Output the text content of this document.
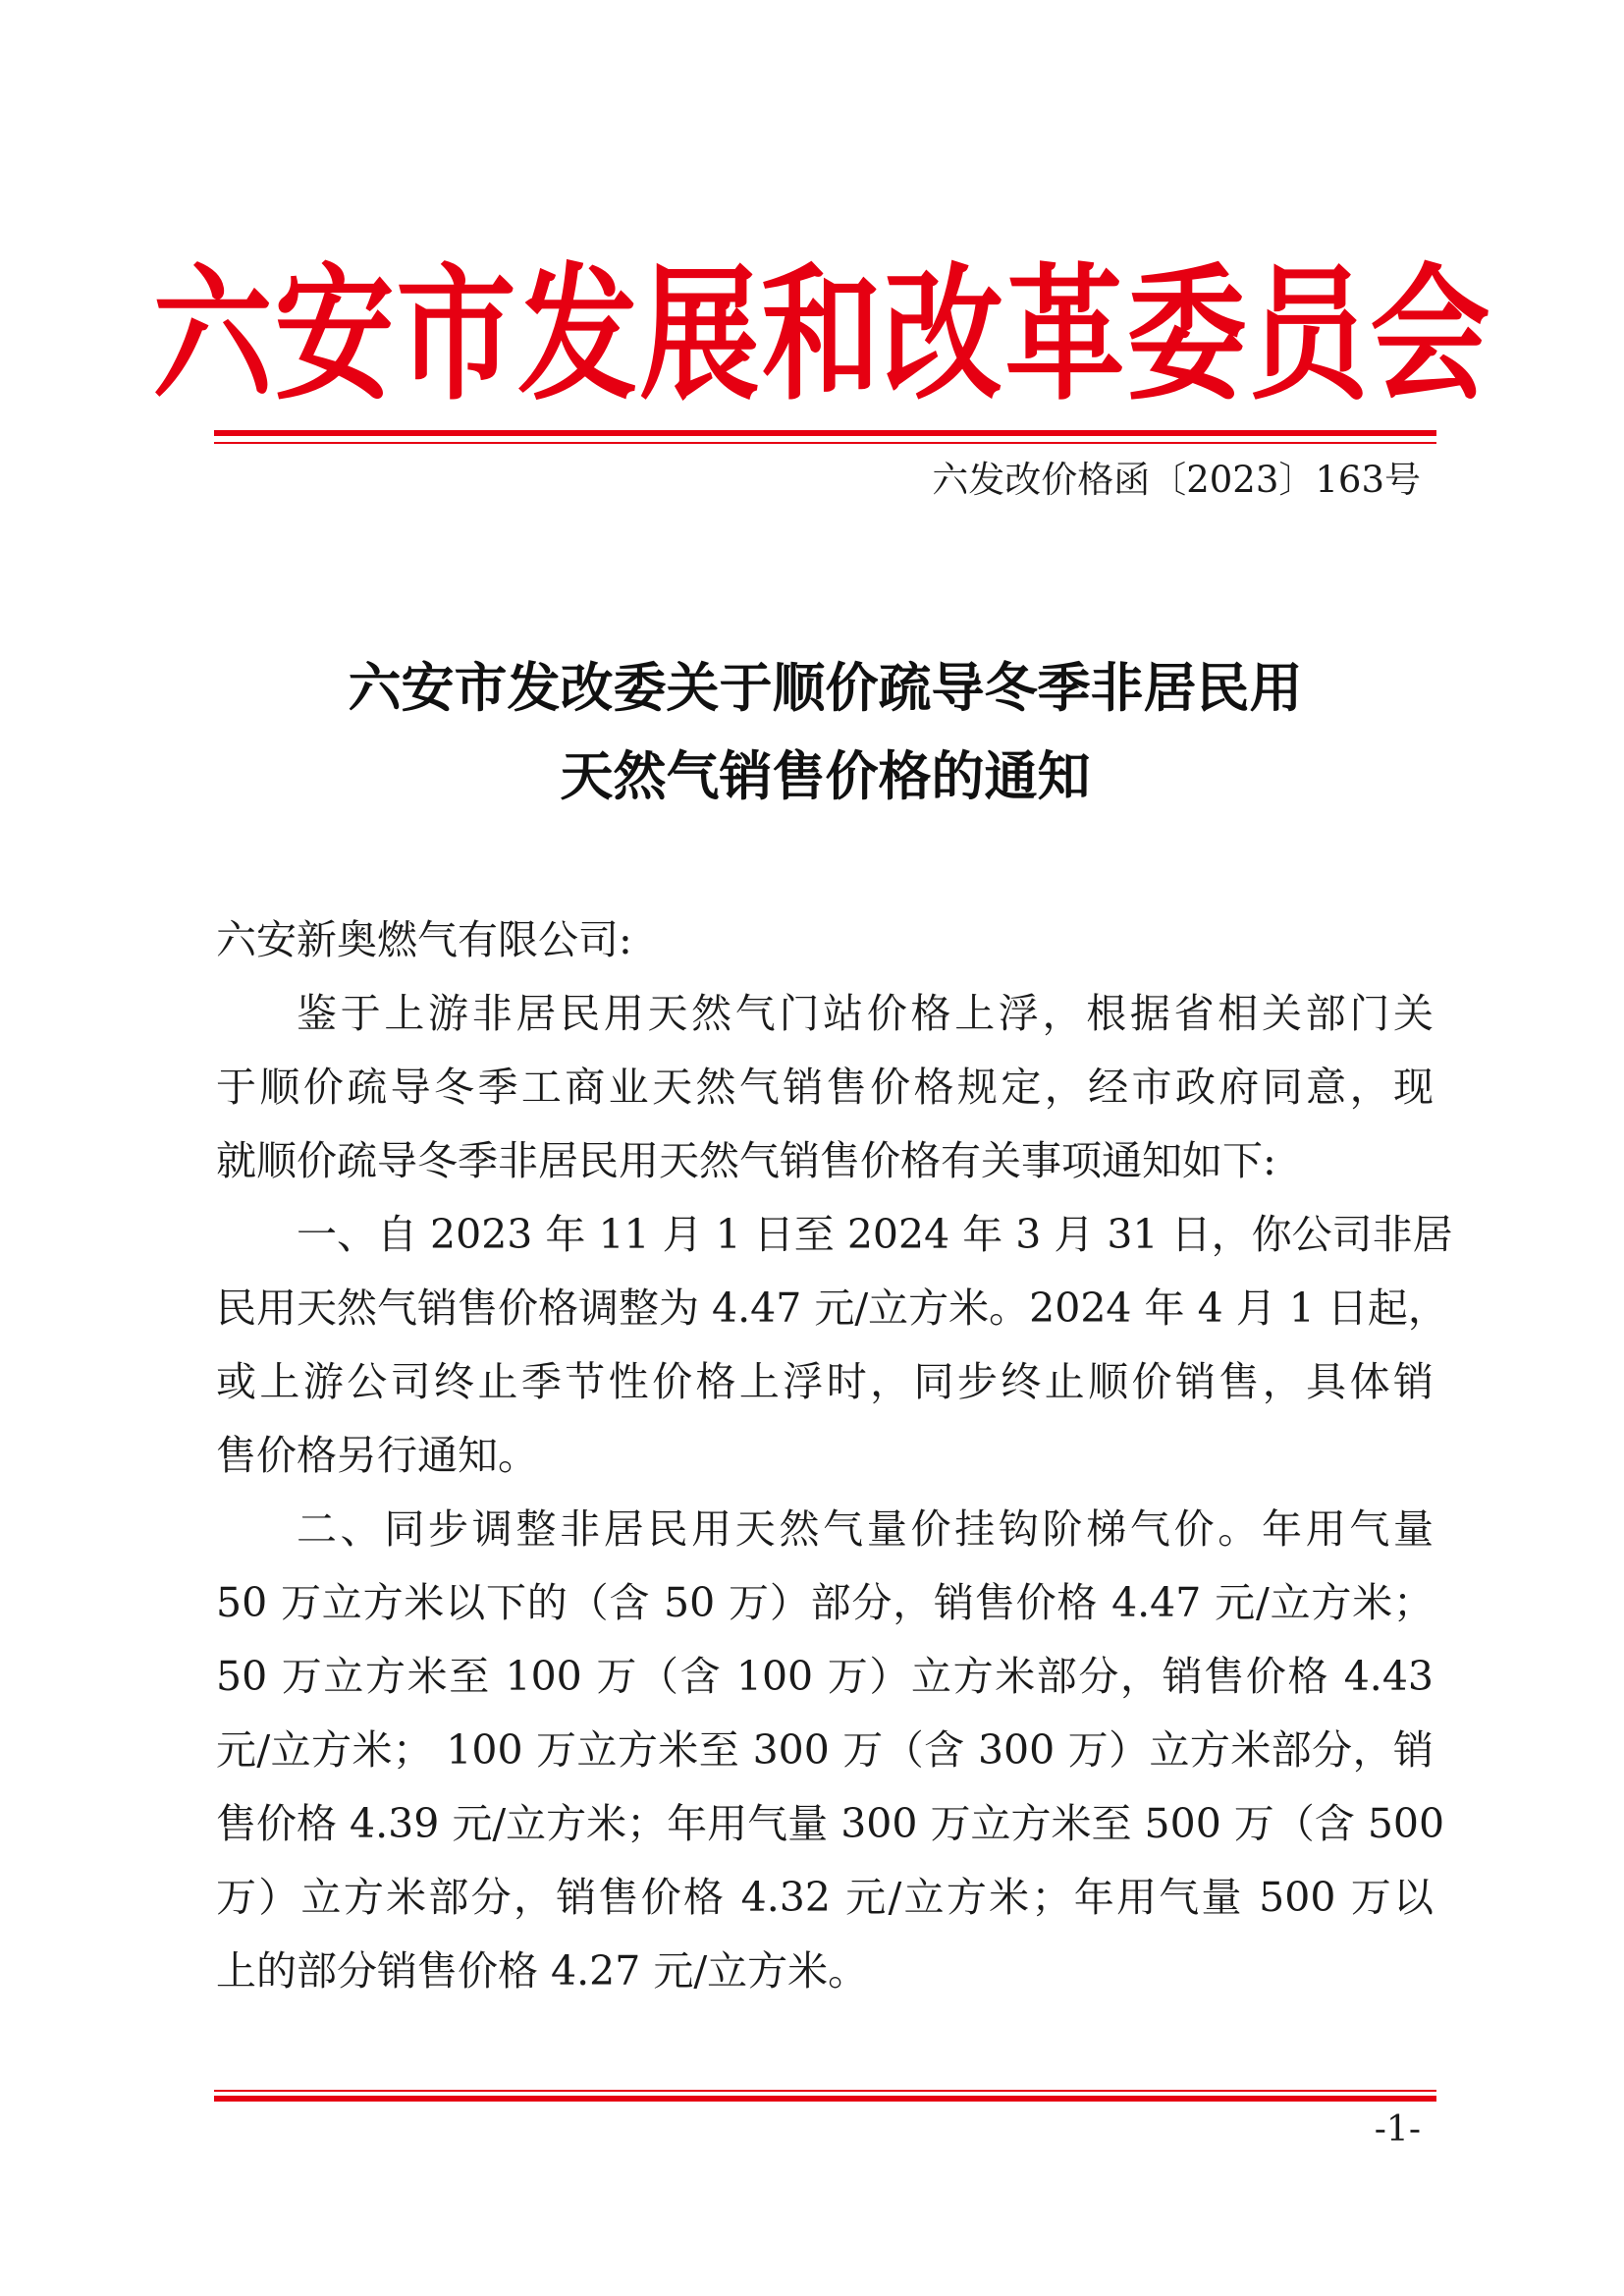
六安市发展和改革委员会
六发改价格函〔2023〕163号
六安市发改委关于顺价疏导冬季非居民用
天然气销售价格的通知
六安新奥燃气有限公司:
鉴于上游非居民用天然气门站价格上浮，根据省相关部门关
于顺价疏导冬季工商业天然气销售价格规定，经市政府同意，现
就顺价疏导冬季非居民用天然气销售价格有关事项通知如下:
一、自 2023 年 11 月 1 日至 2024 年 3 月 31 日，你公司非居
民用天然气销售价格调整为 4.47 元/立方米。2024 年 4 月 1 日起，
或上游公司终止季节性价格上浮时，同步终止顺价销售，具体销
售价格另行通知。
二、同步调整非居民用天然气量价挂钩阶梯气价。年用气量
50 万立方米以下的（含 50 万）部分，销售价格 4.47 元/立方米；
50 万立方米至 100 万（含 100 万）立方米部分，销售价格 4.43
元/立方米； 100 万立方米至 300 万（含 300 万）立方米部分，销
售价格 4.39 元/立方米；年用气量 300 万立方米至 500 万（含 500
万）立方米部分，销售价格 4.32 元/立方米；年用气量 500 万以
上的部分销售价格 4.27 元/立方米。
-1-
